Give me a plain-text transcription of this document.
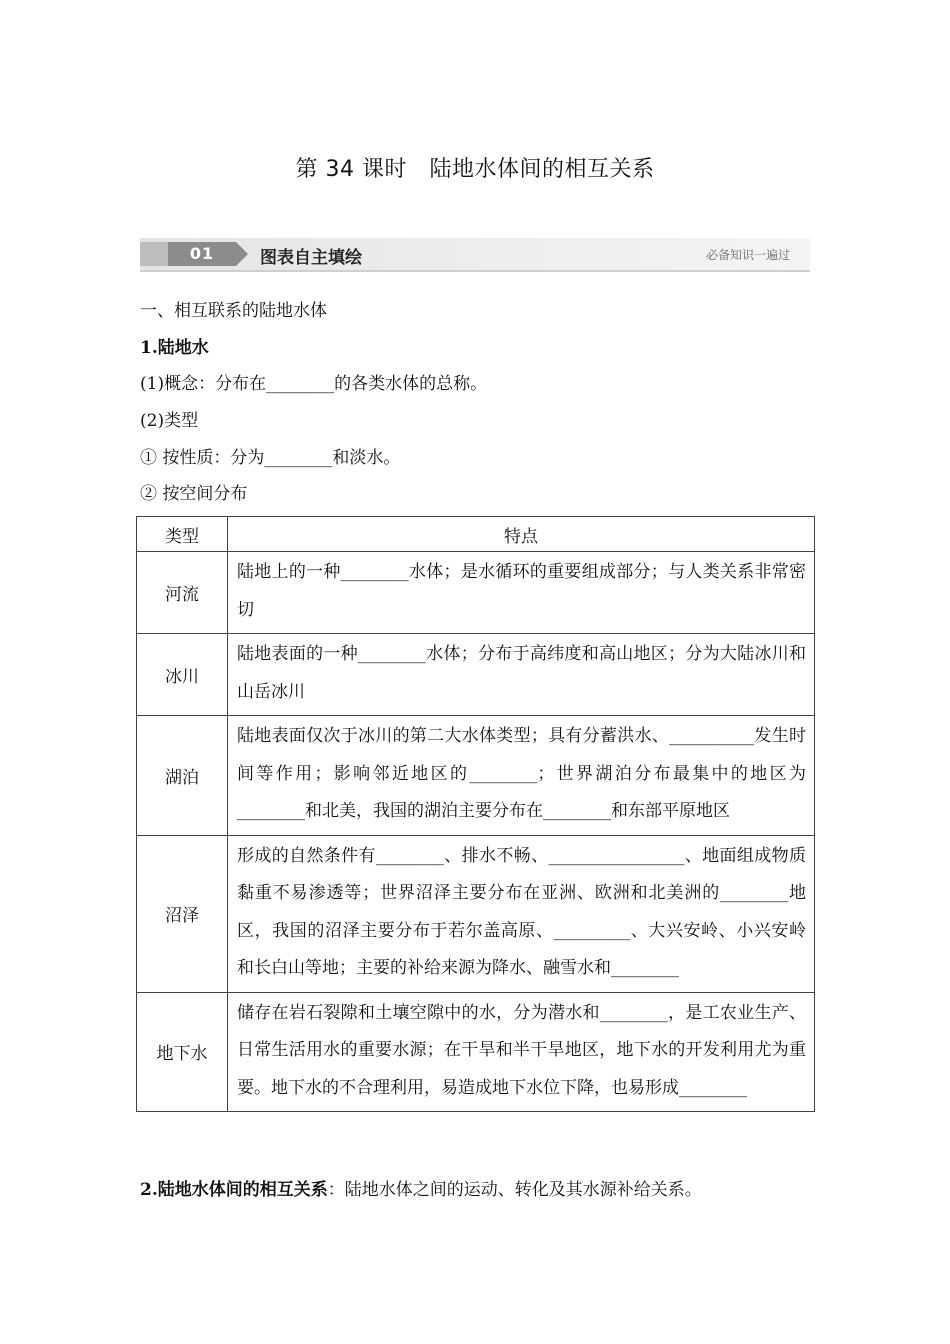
第 34 课时　陆地水体间的相互关系
01	图表自主填绘	必备知识一遍过
一、相互联系的陆地水体
1.陆地水
(1)概念：分布在________的各类水体的总称。
(2)类型
① 按性质：分为________和淡水。
② 按空间分布
类型	特点
河流	陆地上的一种________水体；是水循环的重要组成部分；与人类关系非常密切
冰川	陆地表面的一种________水体；分布于高纬度和高山地区；分为大陆冰川和山岳冰川
湖泊	陆地表面仅次于冰川的第二大水体类型；具有分蓄洪水、__________发生时间等作用；影响邻近地区的________；世界湖泊分布最集中的地区为________和北美，我国的湖泊主要分布在________和东部平原地区
沼泽	形成的自然条件有________、排水不畅、________________、地面组成物质黏重不易渗透等；世界沼泽主要分布在亚洲、欧洲和北美洲的________地区，我国的沼泽主要分布于若尔盖高原、_________、大兴安岭、小兴安岭和长白山等地；主要的补给来源为降水、融雪水和________
地下水	储存在岩石裂隙和土壤空隙中的水，分为潜水和________，是工农业生产、日常生活用水的重要水源；在干旱和半干旱地区，地下水的开发利用尤为重要。地下水的不合理利用，易造成地下水位下降，也易形成________
2.陆地水体间的相互关系：陆地水体之间的运动、转化及其水源补给关系。
